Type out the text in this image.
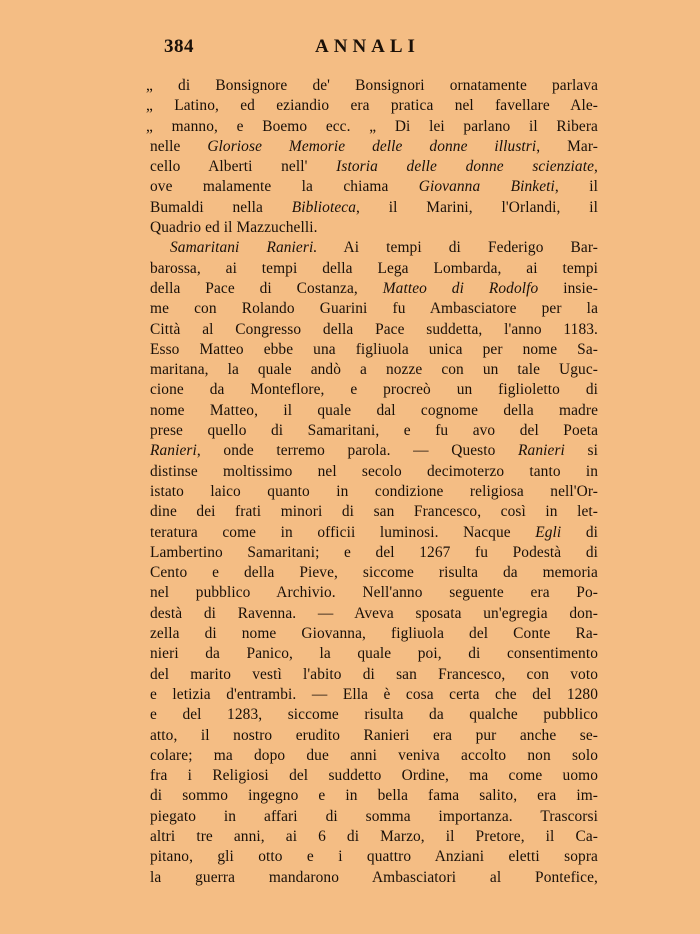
384	ANNALI
„ di Bonsignore de' Bonsignori ornatamente parlava
„ Latino, ed eziandio era pratica nel favellare Ale-
„ manno, e Boemo ecc. „ Di lei parlano il Ribera
nelle Gloriose Memorie delle donne illustri, Mar-
cello Alberti nell' Istoria delle donne scienziate,
ove malamente la chiama Giovanna Binketi, il
Bumaldi nella Biblioteca, il Marini, l'Orlandi, il
Quadrio ed il Mazzuchelli.
Samaritani Ranieri. Ai tempi di Federigo Bar-
barossa, ai tempi della Lega Lombarda, ai tempi
della Pace di Costanza, Matteo di Rodolfo insie-
me con Rolando Guarini fu Ambasciatore per la
Città al Congresso della Pace suddetta, l'anno 1183.
Esso Matteo ebbe una figliuola unica per nome Sa-
maritana, la quale andò a nozze con un tale Uguc-
cione da Monteflore, e procreò un figlioletto di
nome Matteo, il quale dal cognome della madre
prese quello di Samaritani, e fu avo del Poeta
Ranieri, onde terremo parola. — Questo Ranieri si
distinse moltissimo nel secolo decimoterzo tanto in
istato laico quanto in condizione religiosa nell'Or-
dine dei frati minori di san Francesco, così in let-
teratura come in officii luminosi. Nacque Egli di
Lambertino Samaritani; e del 1267 fu Podestà di
Cento e della Pieve, siccome risulta da memoria
nel pubblico Archivio. Nell'anno seguente era Po-
destà di Ravenna. — Aveva sposata un'egregia don-
zella di nome Giovanna, figliuola del Conte Ra-
nieri da Panico, la quale poi, di consentimento
del marito vestì l'abito di san Francesco, con voto
e letizia d'entrambi. — Ella è cosa certa che del 1280
e del 1283, siccome risulta da qualche pubblico
atto, il nostro erudito Ranieri era pur anche se-
colare; ma dopo due anni veniva accolto non solo
fra i Religiosi del suddetto Ordine, ma come uomo
di sommo ingegno e in bella fama salito, era im-
piegato in affari di somma importanza. Trascorsi
altri tre anni, ai 6 di Marzo, il Pretore, il Ca-
pitano, gli otto e i quattro Anziani eletti sopra
la guerra mandarono Ambasciatori al Pontefice,
